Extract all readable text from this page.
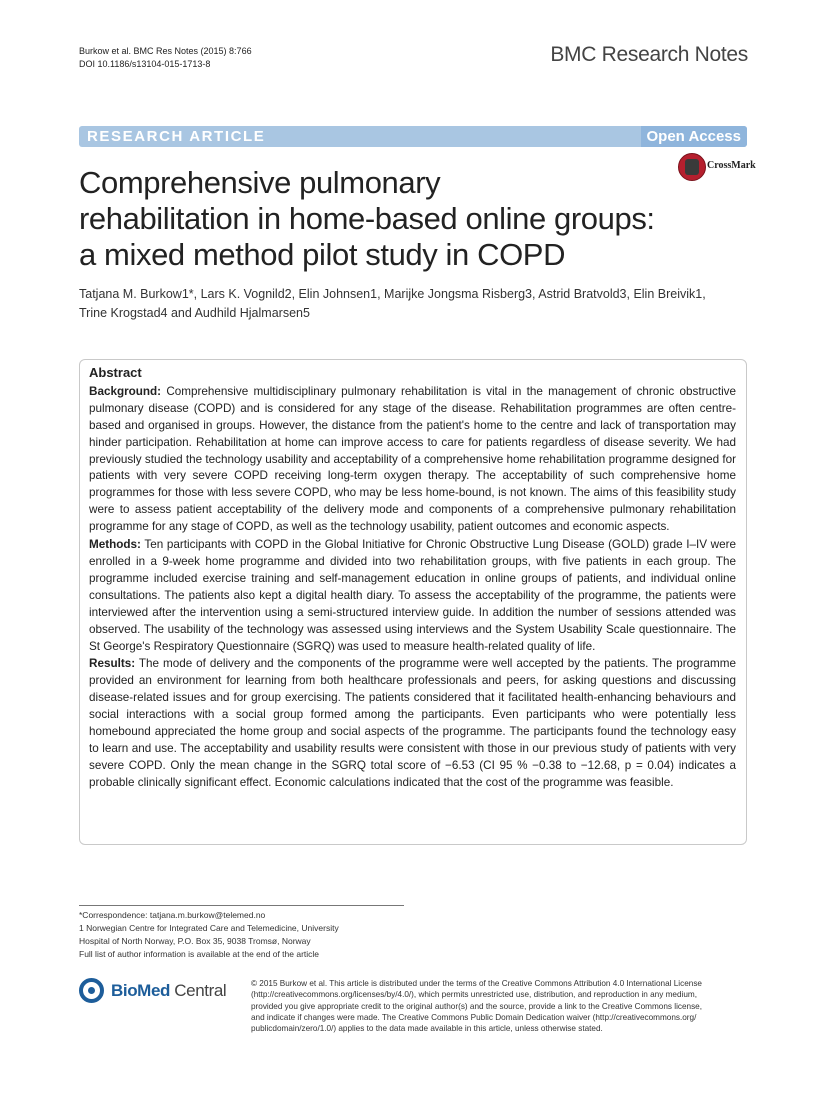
Burkow et al. BMC Res Notes (2015) 8:766
DOI 10.1186/s13104-015-1713-8	BMC Research Notes
RESEARCH ARTICLE	Open Access
CrossMark
Comprehensive pulmonary
rehabilitation in home-based online groups:
a mixed method pilot study in COPD
Tatjana M. Burkow1*, Lars K. Vognild2, Elin Johnsen1, Marijke Jongsma Risberg3, Astrid Bratvold3, Elin Breivik1,
Trine Krogstad4 and Audhild Hjalmarsen5
Abstract

Background: Comprehensive multidisciplinary pulmonary rehabilitation is vital in the management of chronic obstructive pulmonary disease (COPD) and is considered for any stage of the disease. Rehabilitation programmes are often centre-based and organised in groups. However, the distance from the patient's home to the centre and lack of transportation may hinder participation. Rehabilitation at home can improve access to care for patients regardless of disease severity. We had previously studied the technology usability and acceptability of a comprehensive home rehabilitation programme designed for patients with very severe COPD receiving long-term oxygen therapy. The acceptability of such comprehensive home programmes for those with less severe COPD, who may be less home-bound, is not known. The aims of this feasibility study were to assess patient acceptability of the delivery mode and components of a comprehensive pulmonary rehabilitation programme for any stage of COPD, as well as the technology usability, patient outcomes and economic aspects.

Methods: Ten participants with COPD in the Global Initiative for Chronic Obstructive Lung Disease (GOLD) grade I–IV were enrolled in a 9-week home programme and divided into two rehabilitation groups, with five patients in each group. The programme included exercise training and self-management education in online groups of patients, and individual online consultations. The patients also kept a digital health diary. To assess the acceptability of the programme, the patients were interviewed after the intervention using a semi-structured interview guide. In addition the number of sessions attended was observed. The usability of the technology was assessed using interviews and the System Usability Scale questionnaire. The St George's Respiratory Questionnaire (SGRQ) was used to measure health-related quality of life.

Results: The mode of delivery and the components of the programme were well accepted by the patients. The programme provided an environment for learning from both healthcare professionals and peers, for asking questions and discussing disease-related issues and for group exercising. The patients considered that it facilitated health-enhancing behaviours and social interactions with a social group formed among the participants. Even participants who were potentially less homebound appreciated the home group and social aspects of the programme. The participants found the technology easy to learn and use. The acceptability and usability results were consistent with those in our previous study of patients with very severe COPD. Only the mean change in the SGRQ total score of −6.53 (CI 95 % −0.38 to −12.68, p = 0.04) indicates a probable clinically significant effect. Economic calculations indicated that the cost of the programme was feasible.

*Correspondence: tatjana.m.burkow@telemed.no
1 Norwegian Centre for Integrated Care and Telemedicine, University
Hospital of North Norway, P.O. Box 35, 9038 Tromsø, Norway
Full list of author information is available at the end of the article
BioMed Central	© 2015 Burkow et al. This article is distributed under the terms of the Creative Commons Attribution 4.0 International License
(http://creativecommons.org/licenses/by/4.0/), which permits unrestricted use, distribution, and reproduction in any medium,
provided you give appropriate credit to the original author(s) and the source, provide a link to the Creative Commons license,
and indicate if changes were made. The Creative Commons Public Domain Dedication waiver (http://creativecommons.org/
publicdomain/zero/1.0/) applies to the data made available in this article, unless otherwise stated.
